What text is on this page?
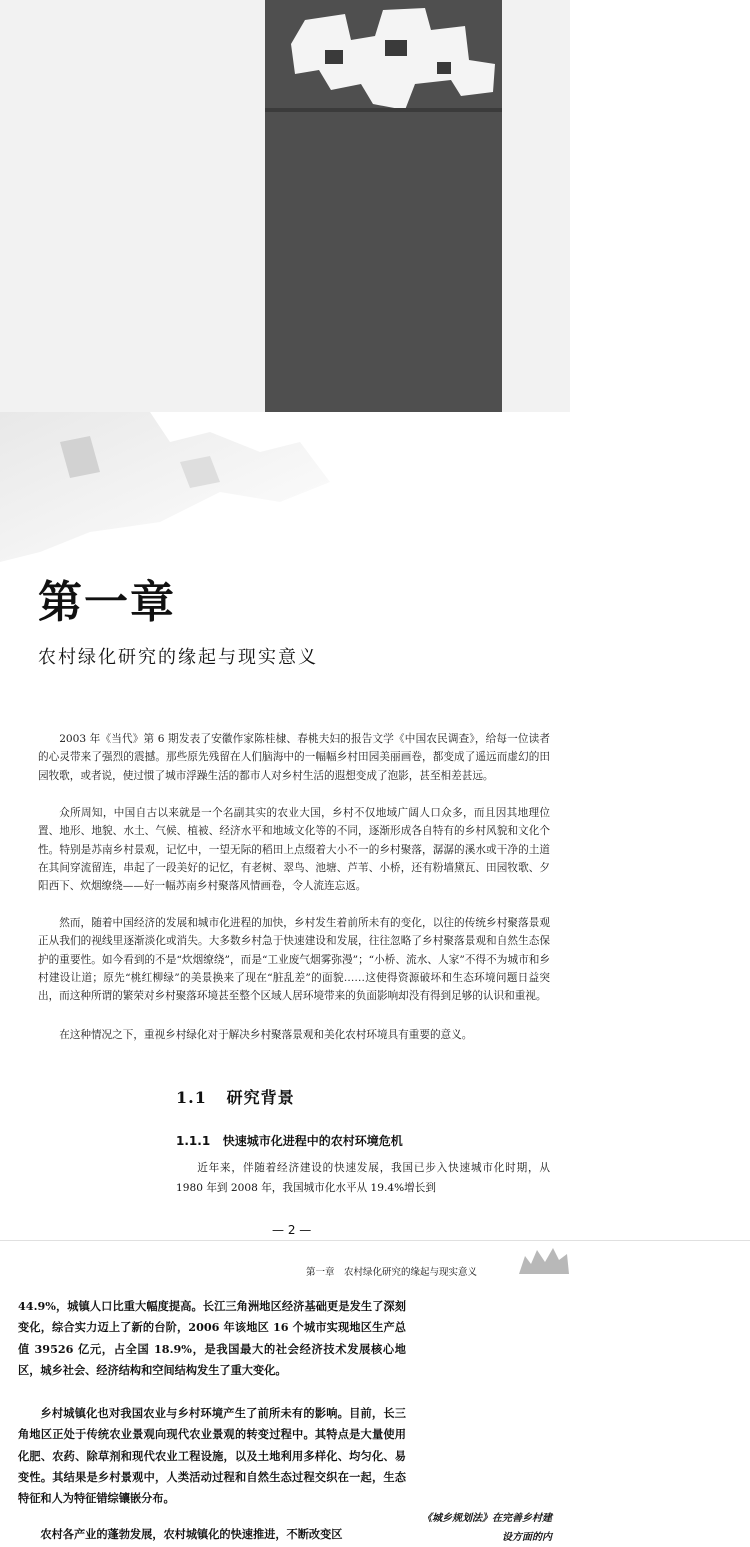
第一章
农村绿化研究的缘起与现实意义
2003 年《当代》第 6 期发表了安徽作家陈桂棣、春桃夫妇的报告文学《中国农民调查》，给每一位读者的心灵带来了强烈的震撼。那些原先残留在人们脑海中的一幅幅乡村田园美丽画卷，都变成了遥远而虚幻的田园牧歌，或者说，使过惯了城市浮躁生活的都市人对乡村生活的遐想变成了泡影，甚至相差甚远。
众所周知，中国自古以来就是一个名副其实的农业大国，乡村不仅地域广阔人口众多，而且因其地理位置、地形、地貌、水土、气候、植被、经济水平和地域文化等的不同，逐渐形成各自特有的乡村风貌和文化个性。特别是苏南乡村景观，记忆中，一望无际的稻田上点缀着大小不一的乡村聚落，潺潺的溪水或干净的土道在其间穿流留连，串起了一段美好的记忆，有老树、翠鸟、池塘、芦苇、小桥，还有粉墙黛瓦、田园牧歌、夕阳西下、炊烟缭绕——好一幅苏南乡村聚落风情画卷，令人流连忘返。
然而，随着中国经济的发展和城市化进程的加快，乡村发生着前所未有的变化，以往的传统乡村聚落景观正从我们的视线里逐渐淡化或消失。大多数乡村急于快速建设和发展，往往忽略了乡村聚落景观和自然生态保护的重要性。如今看到的不是“炊烟缭绕”，而是“工业废气烟雾弥漫”；“小桥、流水、人家”不得不为城市和乡村建设让道；原先“桃红柳绿”的美景换来了现在“脏乱差”的面貌……这使得资源破坏和生态环境问题日益突出，而这种所谓的繁荣对乡村聚落环境甚至整个区域人居环境带来的负面影响却没有得到足够的认识和重视。
在这种情况之下，重视乡村绿化对于解决乡村聚落景观和美化农村环境具有重要的意义。
1.1 研究背景
1.1.1 快速城市化进程中的农村环境危机
近年来，伴随着经济建设的快速发展，我国已步入快速城市化时期，从 1980 年到 2008 年，我国城市化水平从 19.4%增长到
— 2 —
第一章　农村绿化研究的缘起与现实意义
44.9%，城镇人口比重大幅度提高。长江三角洲地区经济基础更是发生了深刻变化，综合实力迈上了新的台阶，2006 年该地区 16 个城市实现地区生产总值 39526 亿元，占全国 18.9%，是我国最大的社会经济技术发展核心地区，城乡社会、经济结构和空间结构发生了重大变化。
乡村城镇化也对我国农业与乡村环境产生了前所未有的影响。目前，长三角地区正处于传统农业景观向现代农业景观的转变过程中。其特点是大量使用化肥、农药、除草剂和现代农业工程设施，以及土地利用多样化、均匀化、易变性。其结果是乡村景观中，人类活动过程和自然生态过程交织在一起，生态特征和人为特征错综镶嵌分布。
农村各产业的蓬勃发展，农村城镇化的快速推进，不断改变区
《城乡规划法》在完善乡村建设方面的内
